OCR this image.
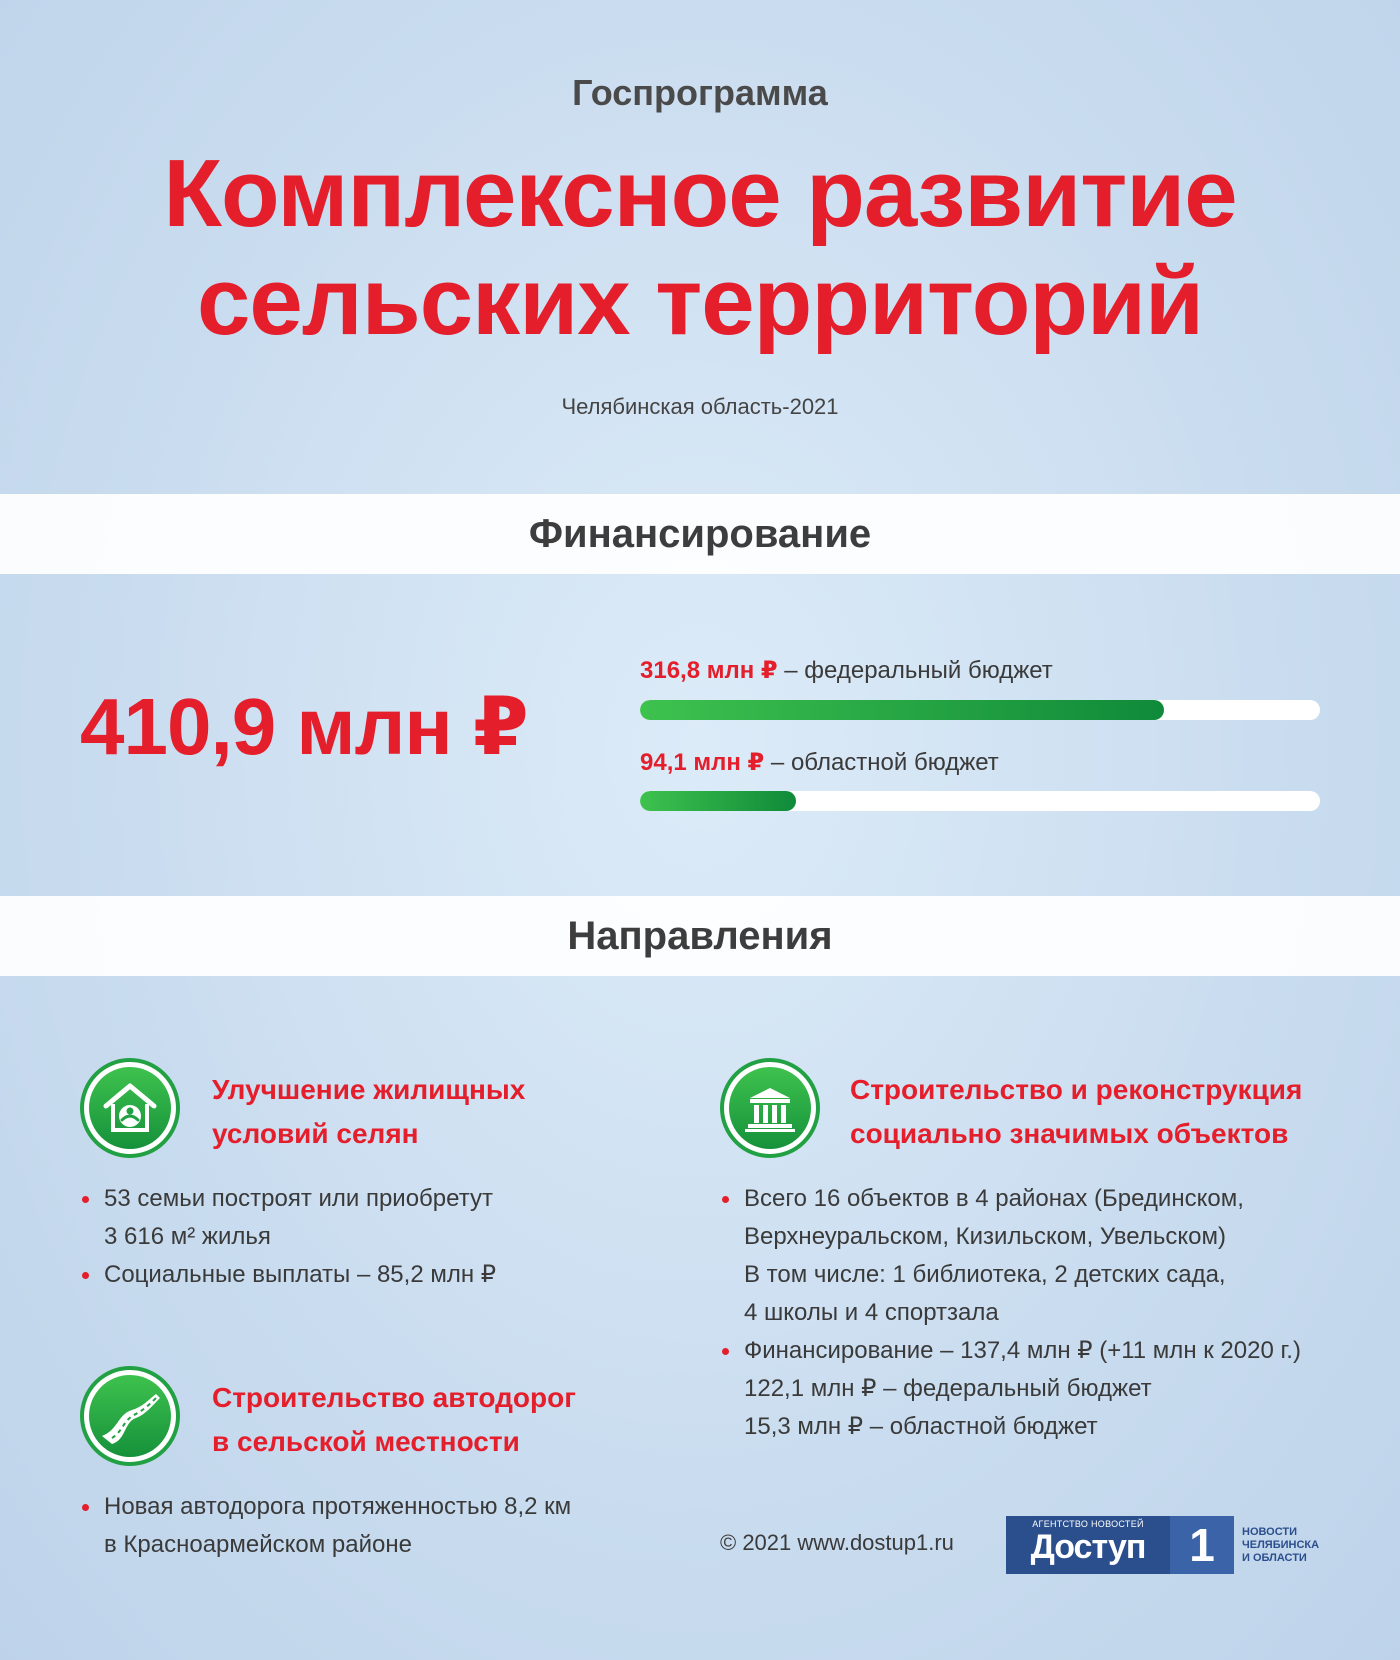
Госпрограмма
Комплексное развитие
сельских территорий
Челябинская область-2021
Финансирование
410,9 млн ₽
316,8 млн ₽ – федеральный бюджет
94,1 млн ₽ – областной бюджет
Направления
Улучшение жилищных
условий селян
53 семьи построят или приобретут
3 616 м² жилья
Социальные выплаты – 85,2 млн ₽
Строительство автодорог
в сельской местности
Новая автодорога протяженностью 8,2 км
в Красноармейском районе
Строительство и реконструкция
социально значимых объектов
Всего 16 объектов в 4 районах (Брединском,
Верхнеуральском, Кизильском, Увельском)
В том числе: 1 библиотека, 2 детских сада,
4 школы и 4 спортзала
Финансирование – 137,4 млн ₽ (+11 млн к 2020 г.)
122,1 млн ₽ – федеральный бюджет
15,3 млн ₽ – областной бюджет
© 2021 www.dostup1.ru
АГЕНТСТВО НОВОСТЕЙ
Доступ 1	НОВОСТИ
ЧЕЛЯБИНСКА
И ОБЛАСТИ
